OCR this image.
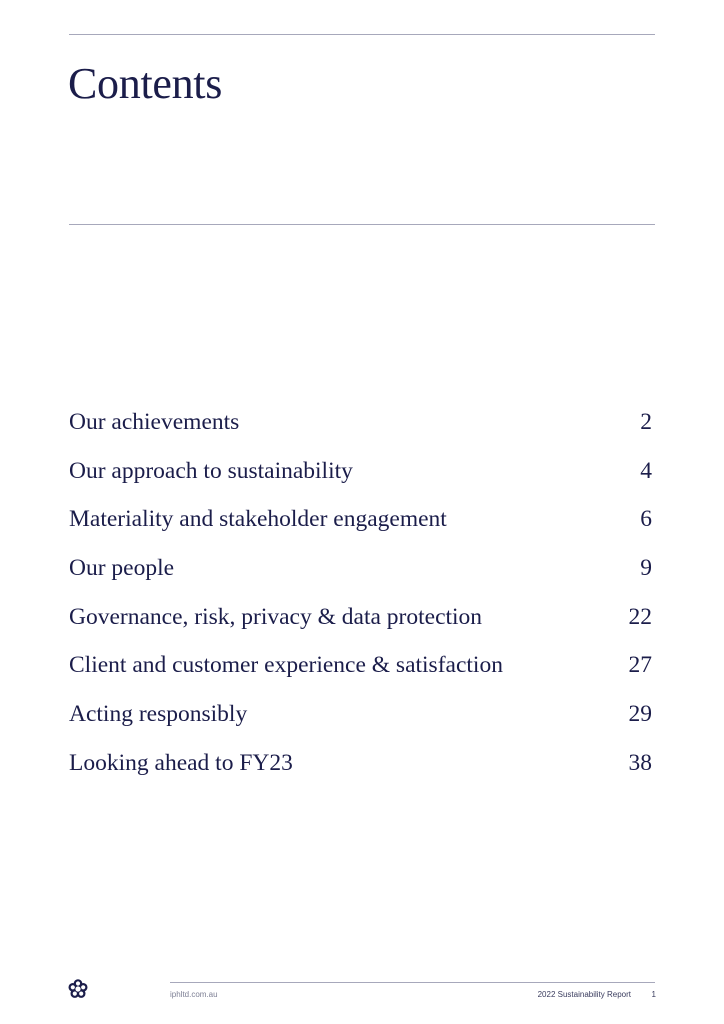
Contents
Our achievements	2
Our approach to sustainability	4
Materiality and stakeholder engagement	6
Our people	9
Governance, risk, privacy & data protection	22
Client and customer experience & satisfaction	27
Acting responsibly	29
Looking ahead to FY23	38
iphltd.com.au	2022 Sustainability Report	1
